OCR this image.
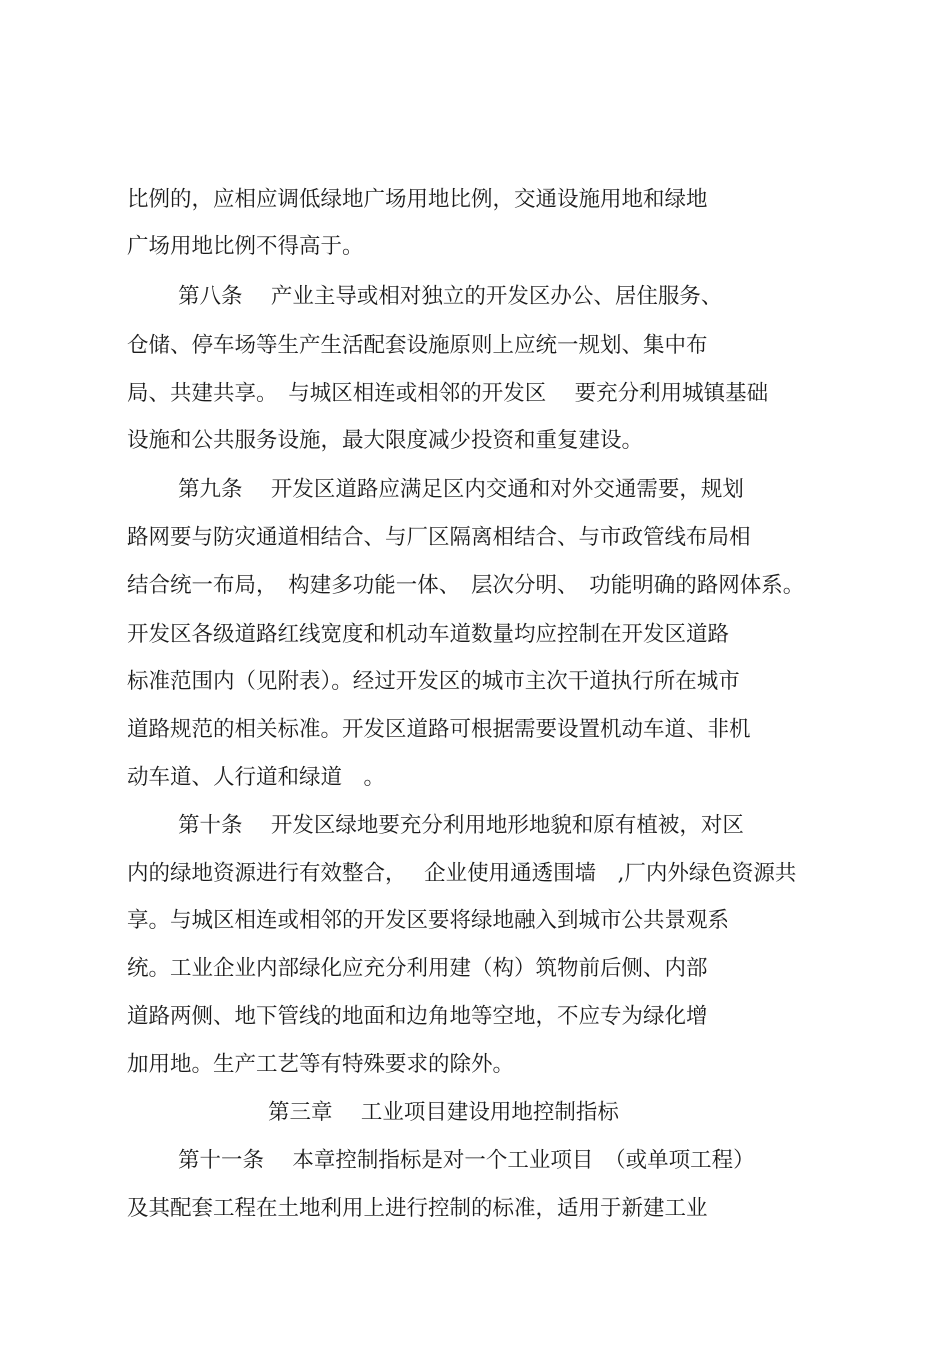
比例的，应相应调低绿地广场用地比例，交通设施用地和绿地
广场用地比例不得高于。
第八条　 产业主导或相对独立的开发区办公、居住服务、
仓储、停车场等生产生活配套设施原则上应统一规划、集中布
局、共建共享。　与城区相连或相邻的开发区　 要充分利用城镇基础
设施和公共服务设施，最大限度减少投资和重复建设。
第九条　 开发区道路应满足区内交通和对外交通需要，规划
路网要与防灾通道相结合、与厂区隔离相结合、与市政管线布局相
结合统一布局，　构建多功能一体、　层次分明、　功能明确的路网体系。
开发区各级道路红线宽度和机动车道数量均应控制在开发区道路
标准范围内（见附表）。经过开发区的城市主次干道执行所在城市
道路规范的相关标准。开发区道路可根据需要设置机动车道、非机
动车道、人行道和绿道　。
第十条　 开发区绿地要充分利用地形地貌和原有植被，对区
内的绿地资源进行有效整合，　 企业使用通透围墙　,厂内外绿色资源共
享。与城区相连或相邻的开发区要将绿地融入到城市公共景观系
统。工业企业内部绿化应充分利用建（构）筑物前后侧、内部
道路两侧、地下管线的地面和边角地等空地，不应专为绿化增
加用地。生产工艺等有特殊要求的除外。
第三章　 工业项目建设用地控制指标
第十一条　 本章控制指标是对一个工业项目　（或单项工程）
及其配套工程在土地利用上进行控制的标准，适用于新建工业
